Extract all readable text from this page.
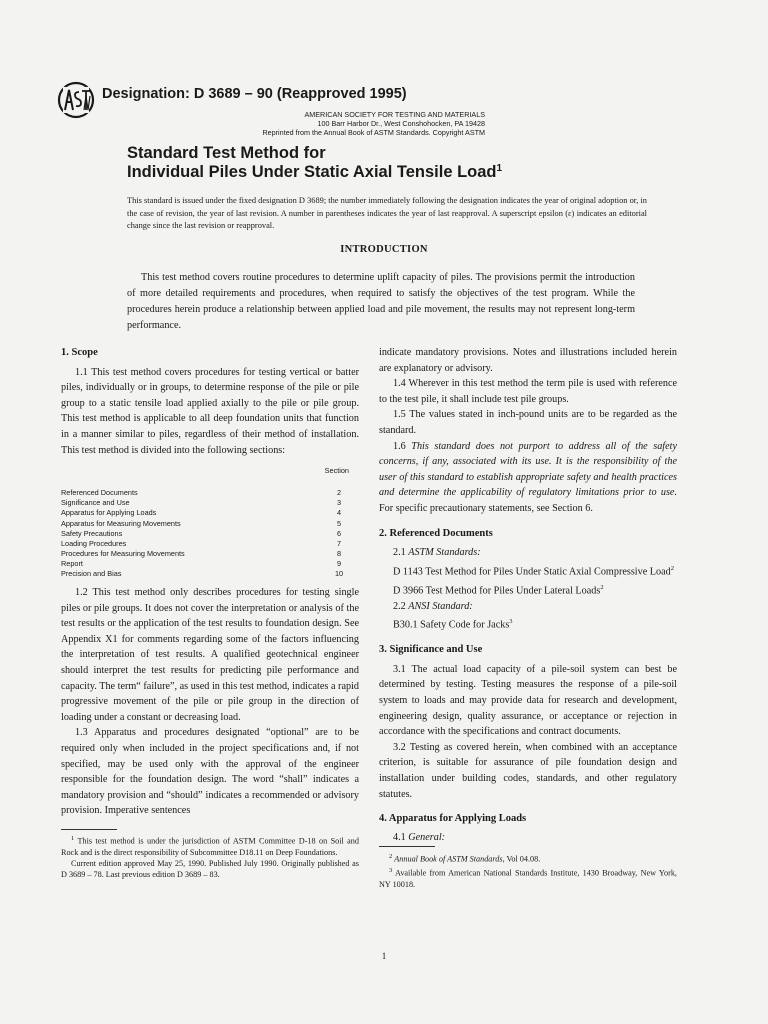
Designation: D 3689 – 90 (Reapproved 1995)
AMERICAN SOCIETY FOR TESTING AND MATERIALS
100 Barr Harbor Dr., West Conshohocken, PA 19428
Reprinted from the Annual Book of ASTM Standards. Copyright ASTM
Standard Test Method for
Individual Piles Under Static Axial Tensile Load$^1$
This standard is issued under the fixed designation D 3689; the number immediately following the designation indicates the year of original adoption or, in the case of revision, the year of last revision. A number in parentheses indicates the year of last reapproval. A superscript epsilon (ε) indicates an editorial change since the last revision or reapproval.
INTRODUCTION
This test method covers routine procedures to determine uplift capacity of piles. The provisions permit the introduction of more detailed requirements and procedures, when required to satisfy the objectives of the test program. While the procedures herein produce a relationship between applied load and pile movement, the results may not represent long-term performance.
1. Scope

1.1 This test method covers procedures for testing vertical or batter piles, individually or in groups, to determine response of the pile or pile group to a static tensile load applied axially to the pile or pile group. This test method is applicable to all deep foundation units that function in a manner similar to piles, regardless of their method of installation. This test method is divided into the following sections:

Section
Referenced Documents	2
Significance and Use	3
Apparatus for Applying Loads	4
Apparatus for Measuring Movements	5
Safety Precautions	6
Loading Procedures	7
Procedures for Measuring Movements	8
Report	9
Precision and Bias	10

1.2 This test method only describes procedures for testing single piles or pile groups. It does not cover the interpretation or analysis of the test results or the application of the test results to foundation design. See Appendix X1 for comments regarding some of the factors influencing the interpretation of test results. A qualified geotechnical engineer should interpret the test results for predicting pile performance and capacity. The term“ failure”, as used in this test method, indicates a rapid progressive movement of the pile or pile group in the direction of loading under a constant or decreasing load.

1.3 Apparatus and procedures designated “optional” are to be required only when included in the project specifications and, if not specified, may be used only with the approval of the engineer responsible for the foundation design. The word “shall” indicates a mandatory provision and “should” indicates a recommended or advisory provision. Imperative sentences

indicate mandatory provisions. Notes and illustrations included herein are explanatory or advisory.

1.4 Wherever in this test method the term pile is used with reference to the test pile, it shall include test pile groups.

1.5 The values stated in inch-pound units are to be regarded as the standard.

1.6 This standard does not purport to address all of the safety concerns, if any, associated with its use. It is the responsibility of the user of this standard to establish appropriate safety and health practices and determine the applicability of regulatory limitations prior to use. For specific precautionary statements, see Section 6.

2. Referenced Documents

2.1 ASTM Standards:

D 1143 Test Method for Piles Under Static Axial Compressive Load$^2$

D 3966 Test Method for Piles Under Lateral Loads$^2$

2.2 ANSI Standard:

B30.1 Safety Code for Jacks$^3$

3. Significance and Use

3.1 The actual load capacity of a pile-soil system can best be determined by testing. Testing measures the response of a pile-soil system to loads and may provide data for research and development, engineering design, quality assurance, or acceptance or rejection in accordance with the specifications and contract documents.

3.2 Testing as covered herein, when combined with an acceptance criterion, is suitable for assurance of pile foundation design and installation under building codes, standards, and other regulatory statutes.

4. Apparatus for Applying Loads

4.1 General:

$^1$ This test method is under the jurisdiction of ASTM Committee D-18 on Soil and Rock and is the direct responsibility of Subcommittee D18.11 on Deep Foundations.

Current edition approved May 25, 1990. Published July 1990. Originally published as D 3689 – 78. Last previous edition D 3689 – 83.

$^2$ Annual Book of ASTM Standards, Vol 04.08.

$^3$ Available from American National Standards Institute, 1430 Broadway, New York, NY 10018.

1
